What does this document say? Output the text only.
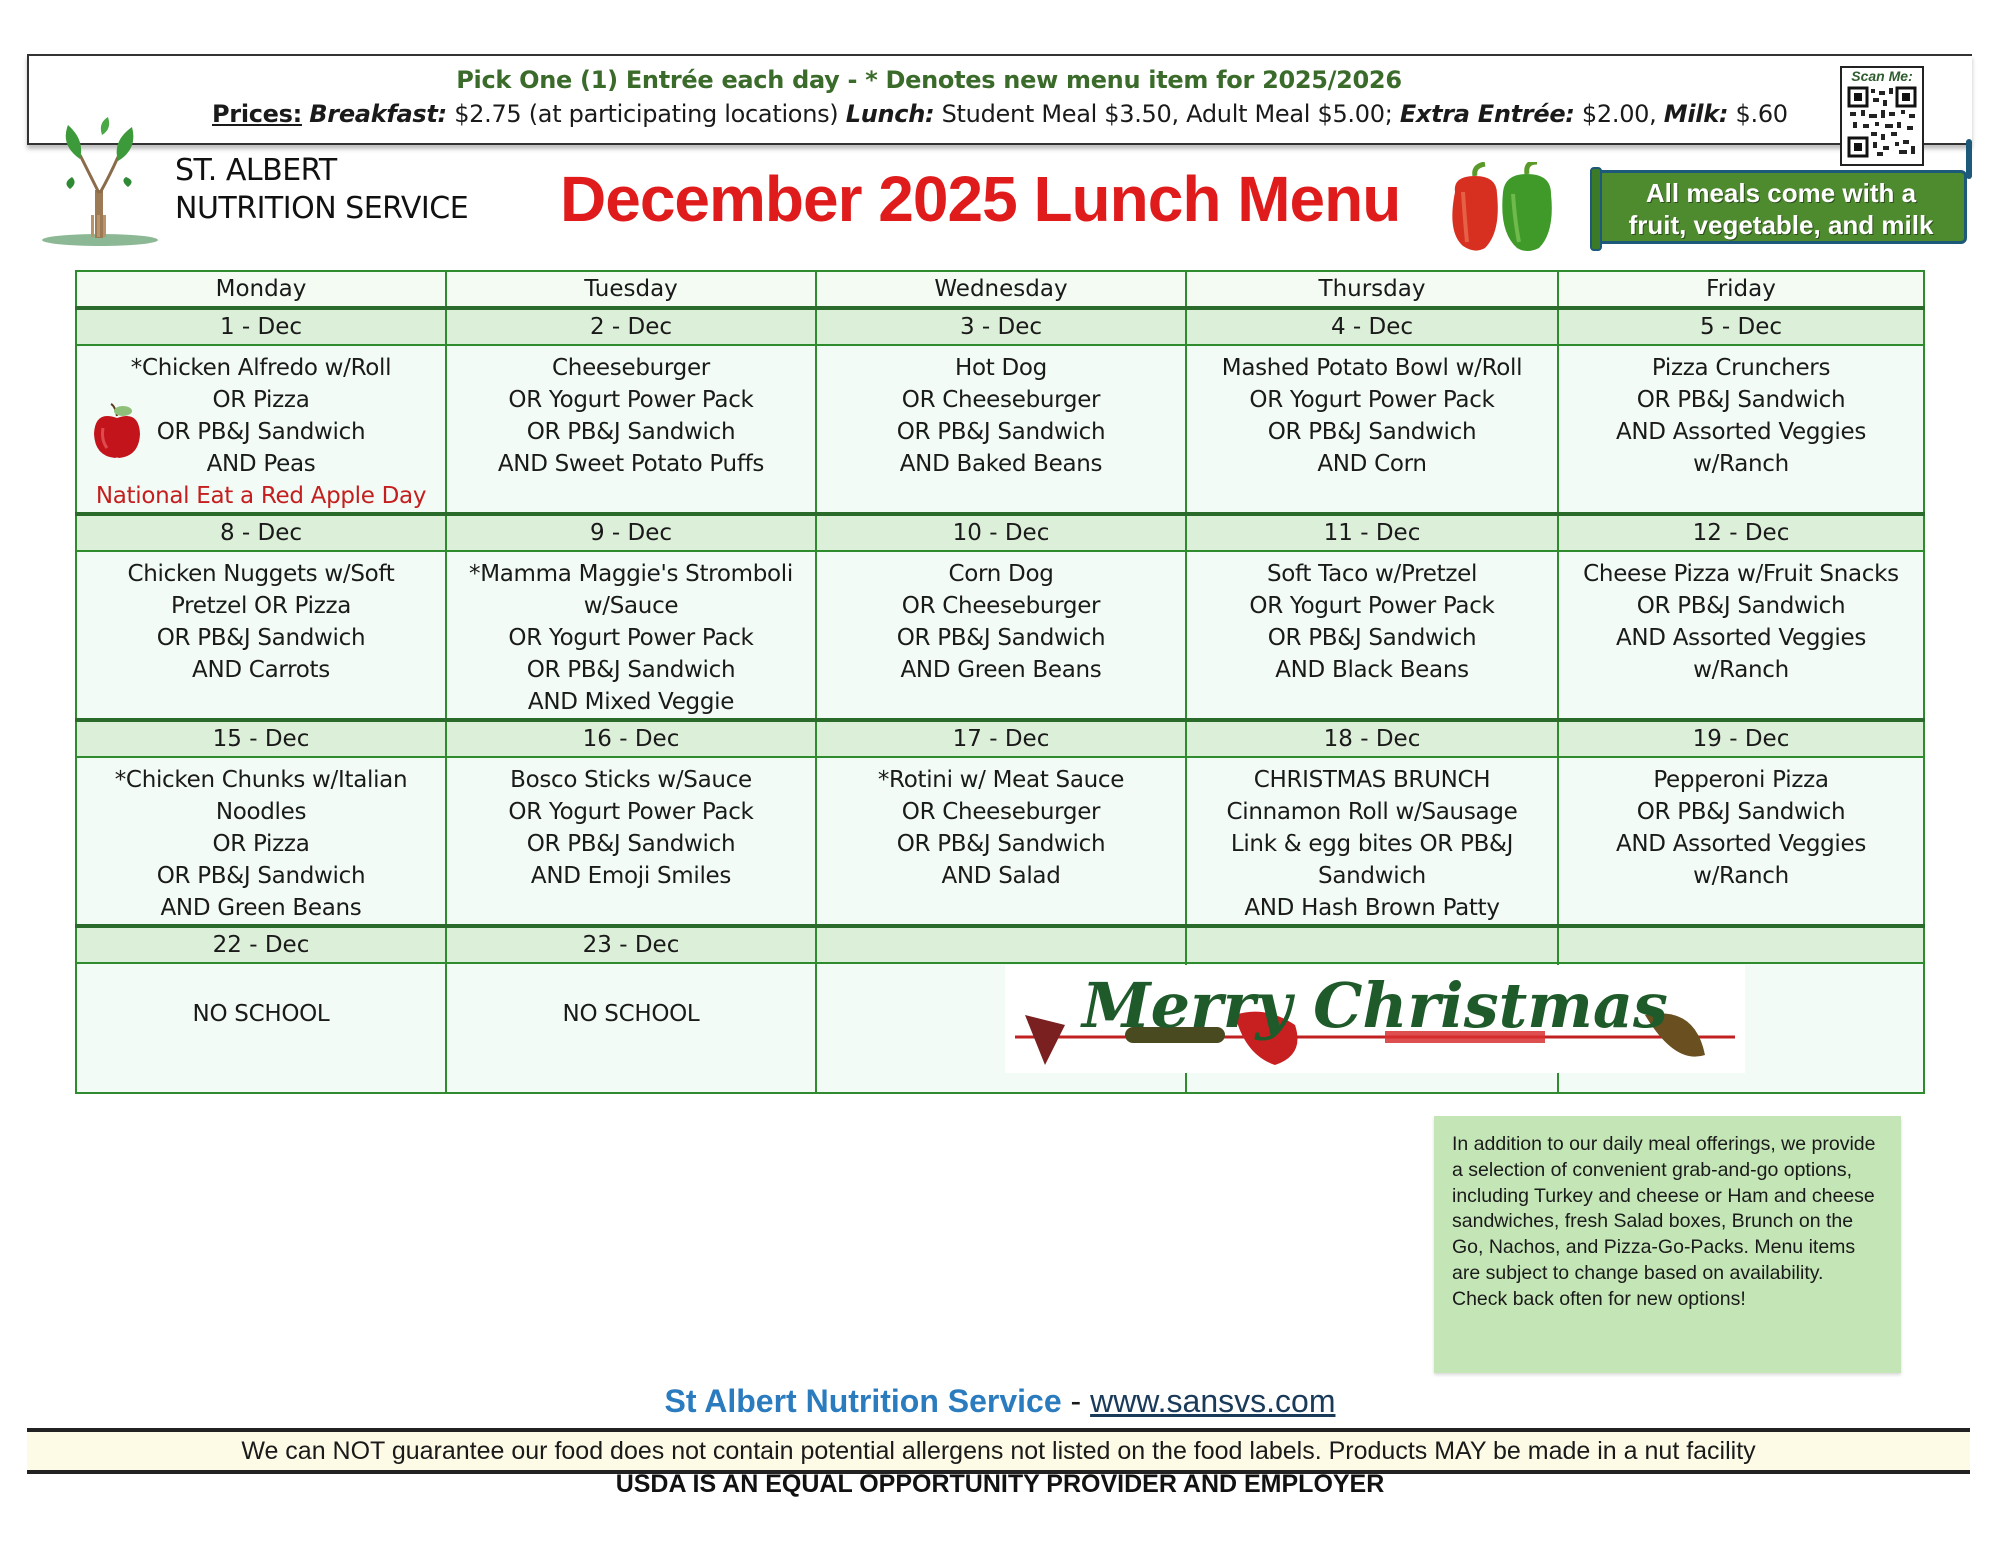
Pick One (1) Entrée each day - * Denotes new menu item for 2025/2026
Prices: Breakfast: $2.75 (at participating locations) Lunch: Student Meal $3.50, Adult Meal $5.00; Extra Entrée: $2.00, Milk: $.60
Scan Me:
ST. ALBERT
NUTRITION SERVICE December 2025 Lunch Menu	All meals come with a
fruit, vegetable, and milk
Monday	Tuesday	Wednesday	Thursday	Friday
1 - Dec	2 - Dec	3 - Dec	4 - Dec	5 - Dec

*Chicken Alfredo w/Roll
OR Pizza
OR PB&J Sandwich
AND Peas
National Eat a Red Apple Day

Cheeseburger
OR Yogurt Power Pack
OR PB&J Sandwich
AND Sweet Potato Puffs

Hot Dog
OR Cheeseburger
OR PB&J Sandwich
AND Baked Beans

Mashed Potato Bowl w/Roll
OR Yogurt Power Pack
OR PB&J Sandwich
AND Corn

Pizza Crunchers
OR PB&J Sandwich
AND Assorted Veggies
w/Ranch

8 - Dec	9 - Dec	10 - Dec	11 - Dec	12 - Dec

Chicken Nuggets w/Soft
Pretzel OR Pizza
OR PB&J Sandwich
AND Carrots

*Mamma Maggie's Stromboli
w/Sauce
OR Yogurt Power Pack
OR PB&J Sandwich
AND Mixed Veggie

Corn Dog
OR Cheeseburger
OR PB&J Sandwich
AND Green Beans

Soft Taco w/Pretzel
OR Yogurt Power Pack
OR PB&J Sandwich
AND Black Beans

Cheese Pizza w/Fruit Snacks
OR PB&J Sandwich
AND Assorted Veggies
w/Ranch

15 - Dec	16 - Dec	17 - Dec	18 - Dec	19 - Dec

*Chicken Chunks w/Italian
Noodles
OR Pizza
OR PB&J Sandwich
AND Green Beans

Bosco Sticks w/Sauce
OR Yogurt Power Pack
OR PB&J Sandwich
AND Emoji Smiles

*Rotini w/ Meat Sauce
OR Cheeseburger
OR PB&J Sandwich
AND Salad

CHRISTMAS BRUNCH
Cinnamon Roll w/Sausage
Link & egg bites OR PB&J
Sandwich
AND Hash Brown Patty

Pepperoni Pizza
OR PB&J Sandwich
AND Assorted Veggies
w/Ranch

22 - Dec	23 - Dec			

NO SCHOOL	NO SCHOOL			
				Merry Christmas
In addition to our daily meal offerings, we provide a selection of convenient grab-and-go options, including Turkey and cheese or Ham and cheese sandwiches, fresh Salad boxes, Brunch on the Go, Nachos, and Pizza-Go-Packs. Menu items are subject to change based on availability. Check back often for new options!
St Albert Nutrition Service - www.sansvs.com
We can NOT guarantee our food does not contain potential allergens not listed on the food labels. Products MAY be made in a nut facility
USDA IS AN EQUAL OPPORTUNITY PROVIDER AND EMPLOYER
